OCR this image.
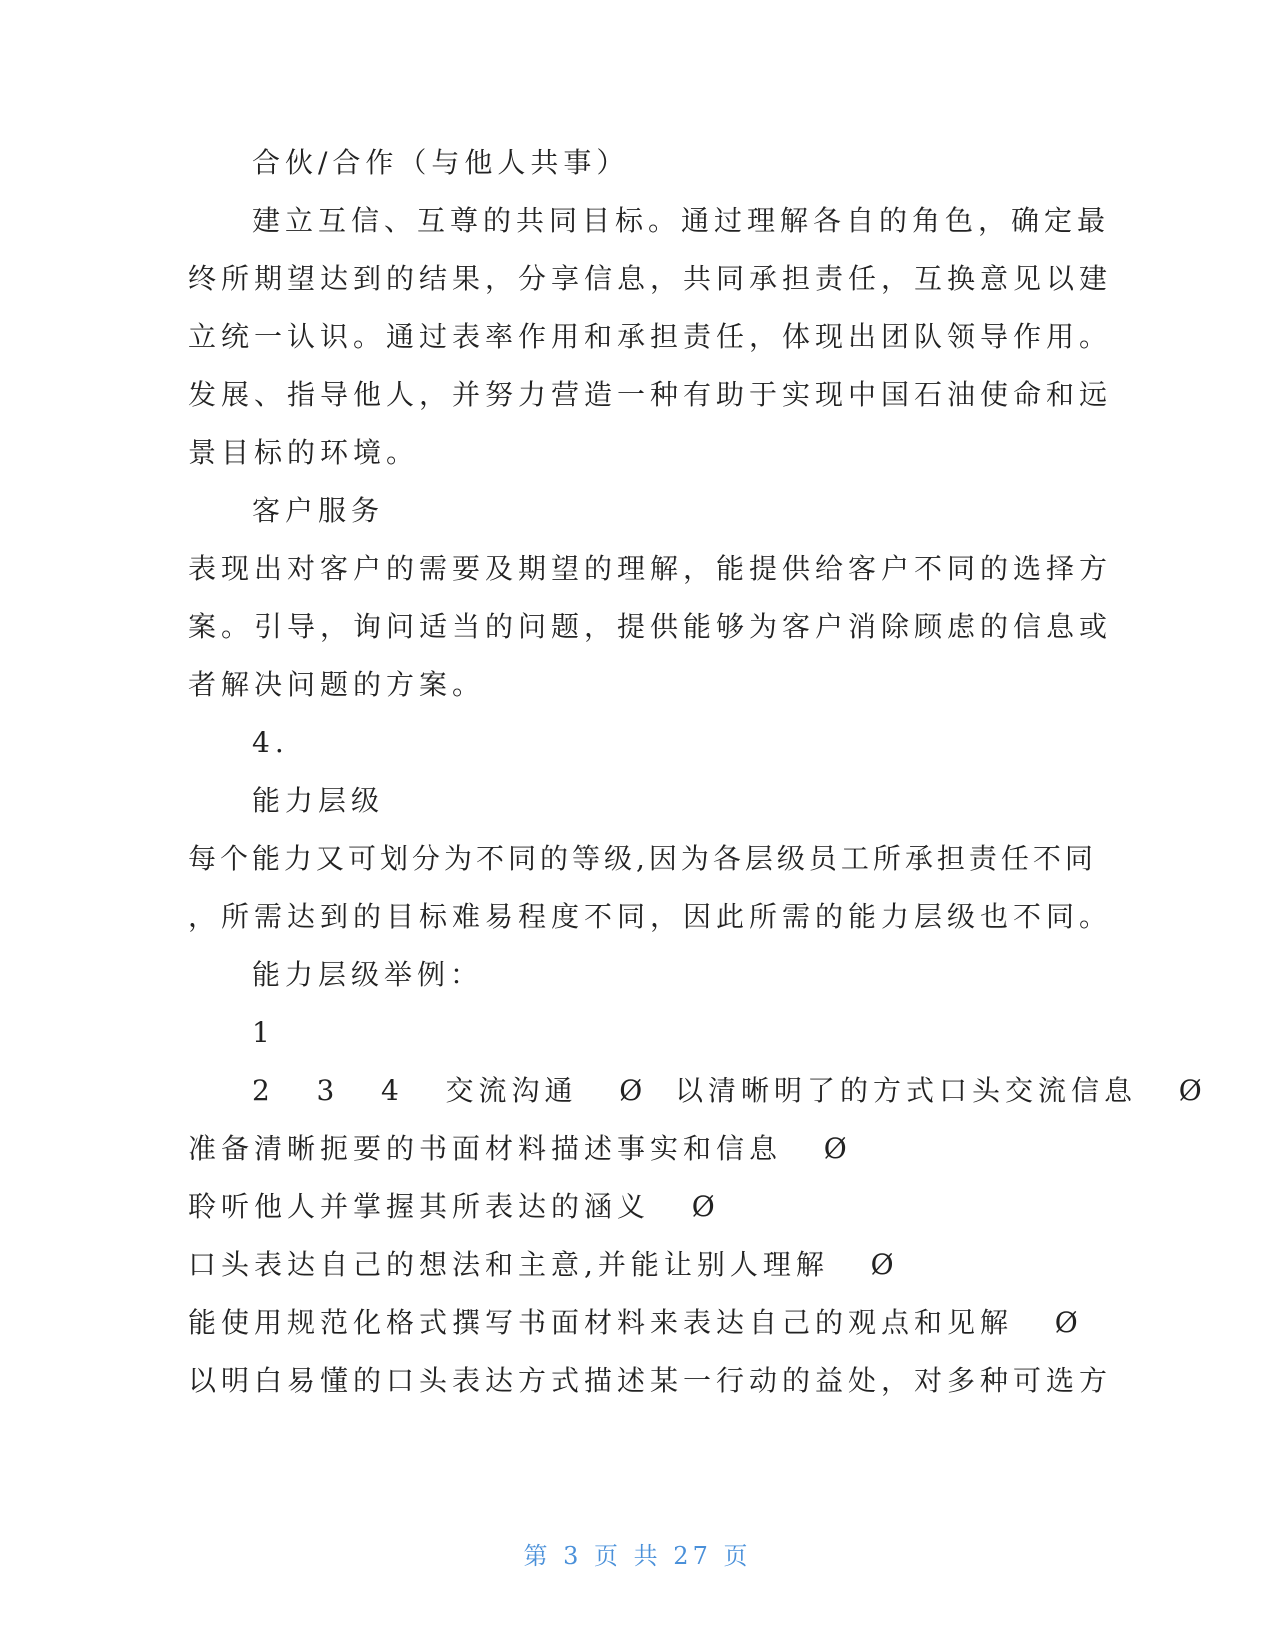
合伙/合作（与他人共事）
建立互信、互尊的共同目标。通过理解各自的角色，确定最
终所期望达到的结果，分享信息，共同承担责任，互换意见以建
立统一认识。通过表率作用和承担责任，体现出团队领导作用。
发展、指导他人，并努力营造一种有助于实现中国石油使命和远
景目标的环境。
客户服务
表现出对客户的需要及期望的理解，能提供给客户不同的选择方
案。引导，询问适当的问题，提供能够为客户消除顾虑的信息或
者解决问题的方案。
4.
能力层级
每个能力又可划分为不同的等级,因为各层级员工所承担责任不同
，所需达到的目标难易程度不同，因此所需的能力层级也不同。
能力层级举例：
1
2   3   4   交流沟通   Ø  以清晰明了的方式口头交流信息   Ø
准备清晰扼要的书面材料描述事实和信息   Ø
聆听他人并掌握其所表达的涵义   Ø
口头表达自己的想法和主意,并能让别人理解   Ø
能使用规范化格式撰写书面材料来表达自己的观点和见解   Ø
以明白易懂的口头表达方式描述某一行动的益处，对多种可选方
第 3 页 共 27 页
